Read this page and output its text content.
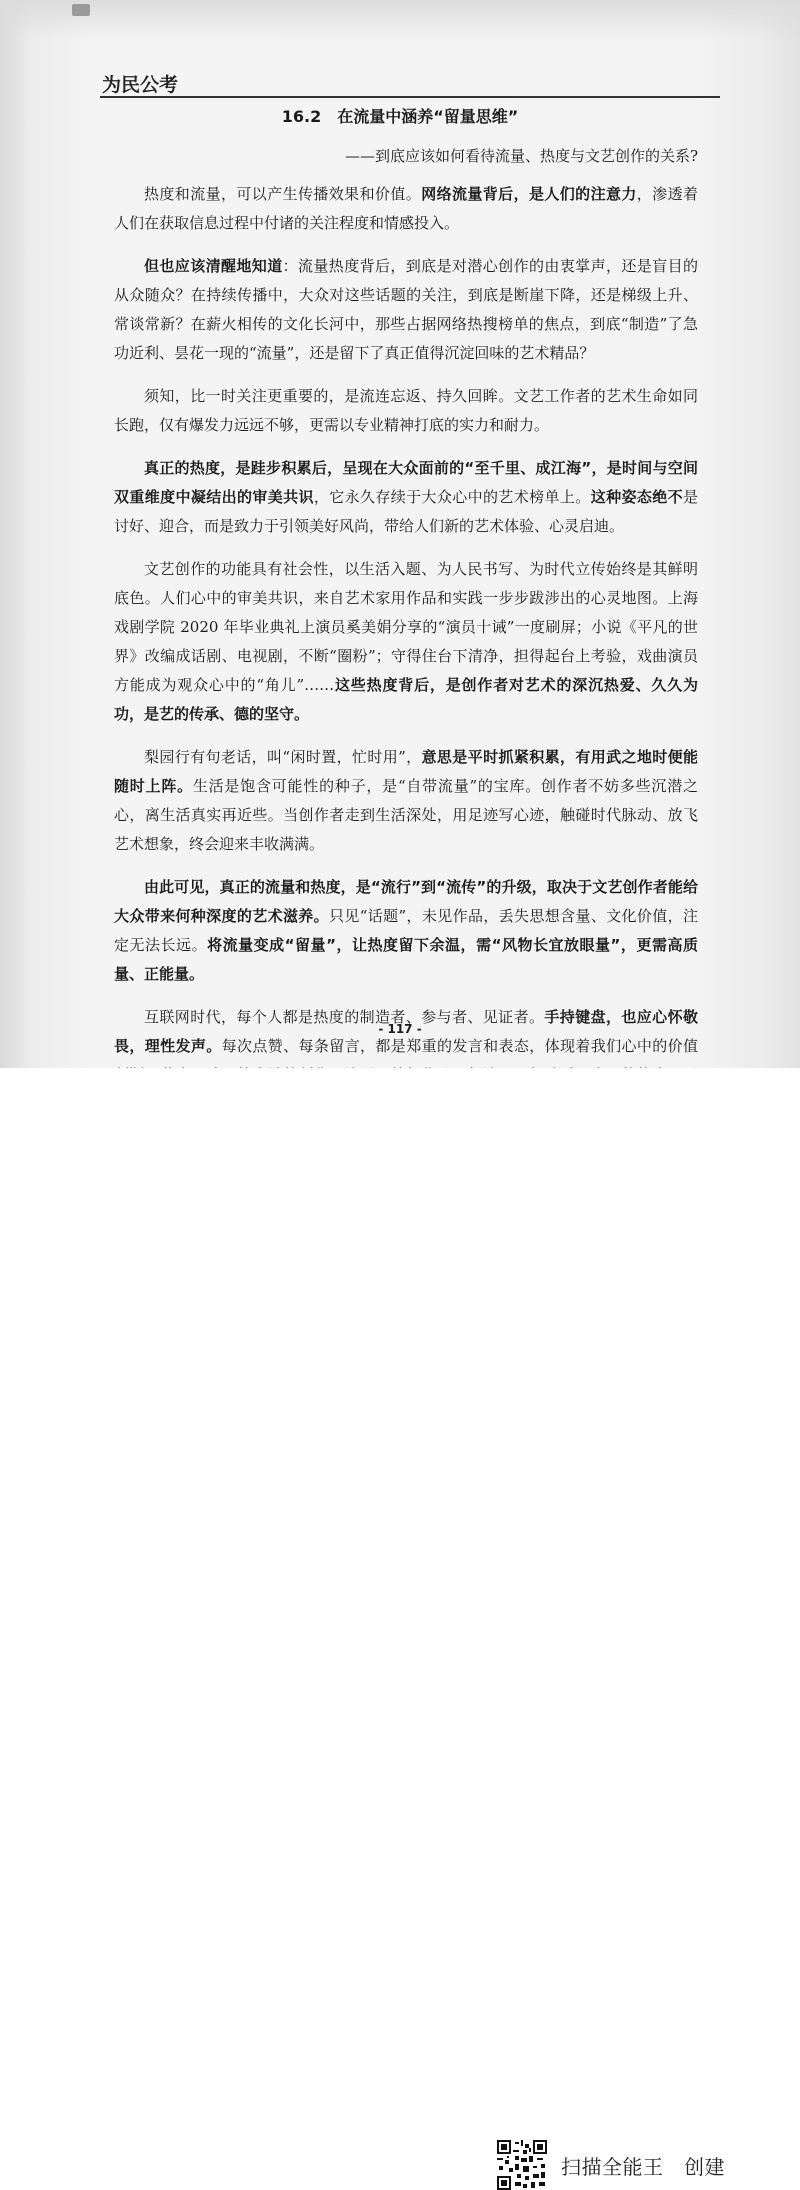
为民公考
16.2　在流量中涵养“留量思维”
——到底应该如何看待流量、热度与文艺创作的关系?

热度和流量，可以产生传播效果和价值。网络流量背后，是人们的注意力，渗透着人们在获取信息过程中付诸的关注程度和情感投入。

但也应该清醒地知道：流量热度背后，到底是对潜心创作的由衷掌声，还是盲目的从众随众？在持续传播中，大众对这些话题的关注，到底是断崖下降，还是梯级上升、常谈常新？在薪火相传的文化长河中，那些占据网络热搜榜单的焦点，到底“制造”了急功近利、昙花一现的“流量”，还是留下了真正值得沉淀回味的艺术精品？

须知，比一时关注更重要的，是流连忘返、持久回眸。文艺工作者的艺术生命如同长跑，仅有爆发力远远不够，更需以专业精神打底的实力和耐力。

真正的热度，是跬步积累后，呈现在大众面前的“至千里、成江海”，是时间与空间双重维度中凝结出的审美共识，它永久存续于大众心中的艺术榜单上。这种姿态绝不是讨好、迎合，而是致力于引领美好风尚，带给人们新的艺术体验、心灵启迪。

文艺创作的功能具有社会性，以生活入题、为人民书写、为时代立传始终是其鲜明底色。人们心中的审美共识，来自艺术家用作品和实践一步步跋涉出的心灵地图。上海戏剧学院 2020 年毕业典礼上演员奚美娟分享的“演员十诫”一度刷屏；小说《平凡的世界》改编成话剧、电视剧，不断“圈粉”；守得住台下清净，担得起台上考验，戏曲演员方能成为观众心中的“角儿”……这些热度背后，是创作者对艺术的深沉热爱、久久为功，是艺的传承、德的坚守。

梨园行有句老话，叫“闲时置，忙时用”，意思是平时抓紧积累，有用武之地时便能随时上阵。生活是饱含可能性的种子，是“自带流量”的宝库。创作者不妨多些沉潜之心，离生活真实再近些。当创作者走到生活深处，用足迹写心迹，触碰时代脉动、放飞艺术想象，终会迎来丰收满满。

由此可见，真正的流量和热度，是“流行”到“流传”的升级，取决于文艺创作者能给大众带来何种深度的艺术滋养。只见“话题”，未见作品，丢失思想含量、文化价值，注定无法长远。将流量变成“留量”，让热度留下余温，需“风物长宜放眼量”，更需高质量、正能量。

互联网时代，每个人都是热度的制造者、参与者、见证者。手持键盘，也应心怀敬畏，理性发声。每次点赞、每条留言，都是郑重的发言和表态，体现着我们心中的价值

- 117 -
扫描全能王　创建
